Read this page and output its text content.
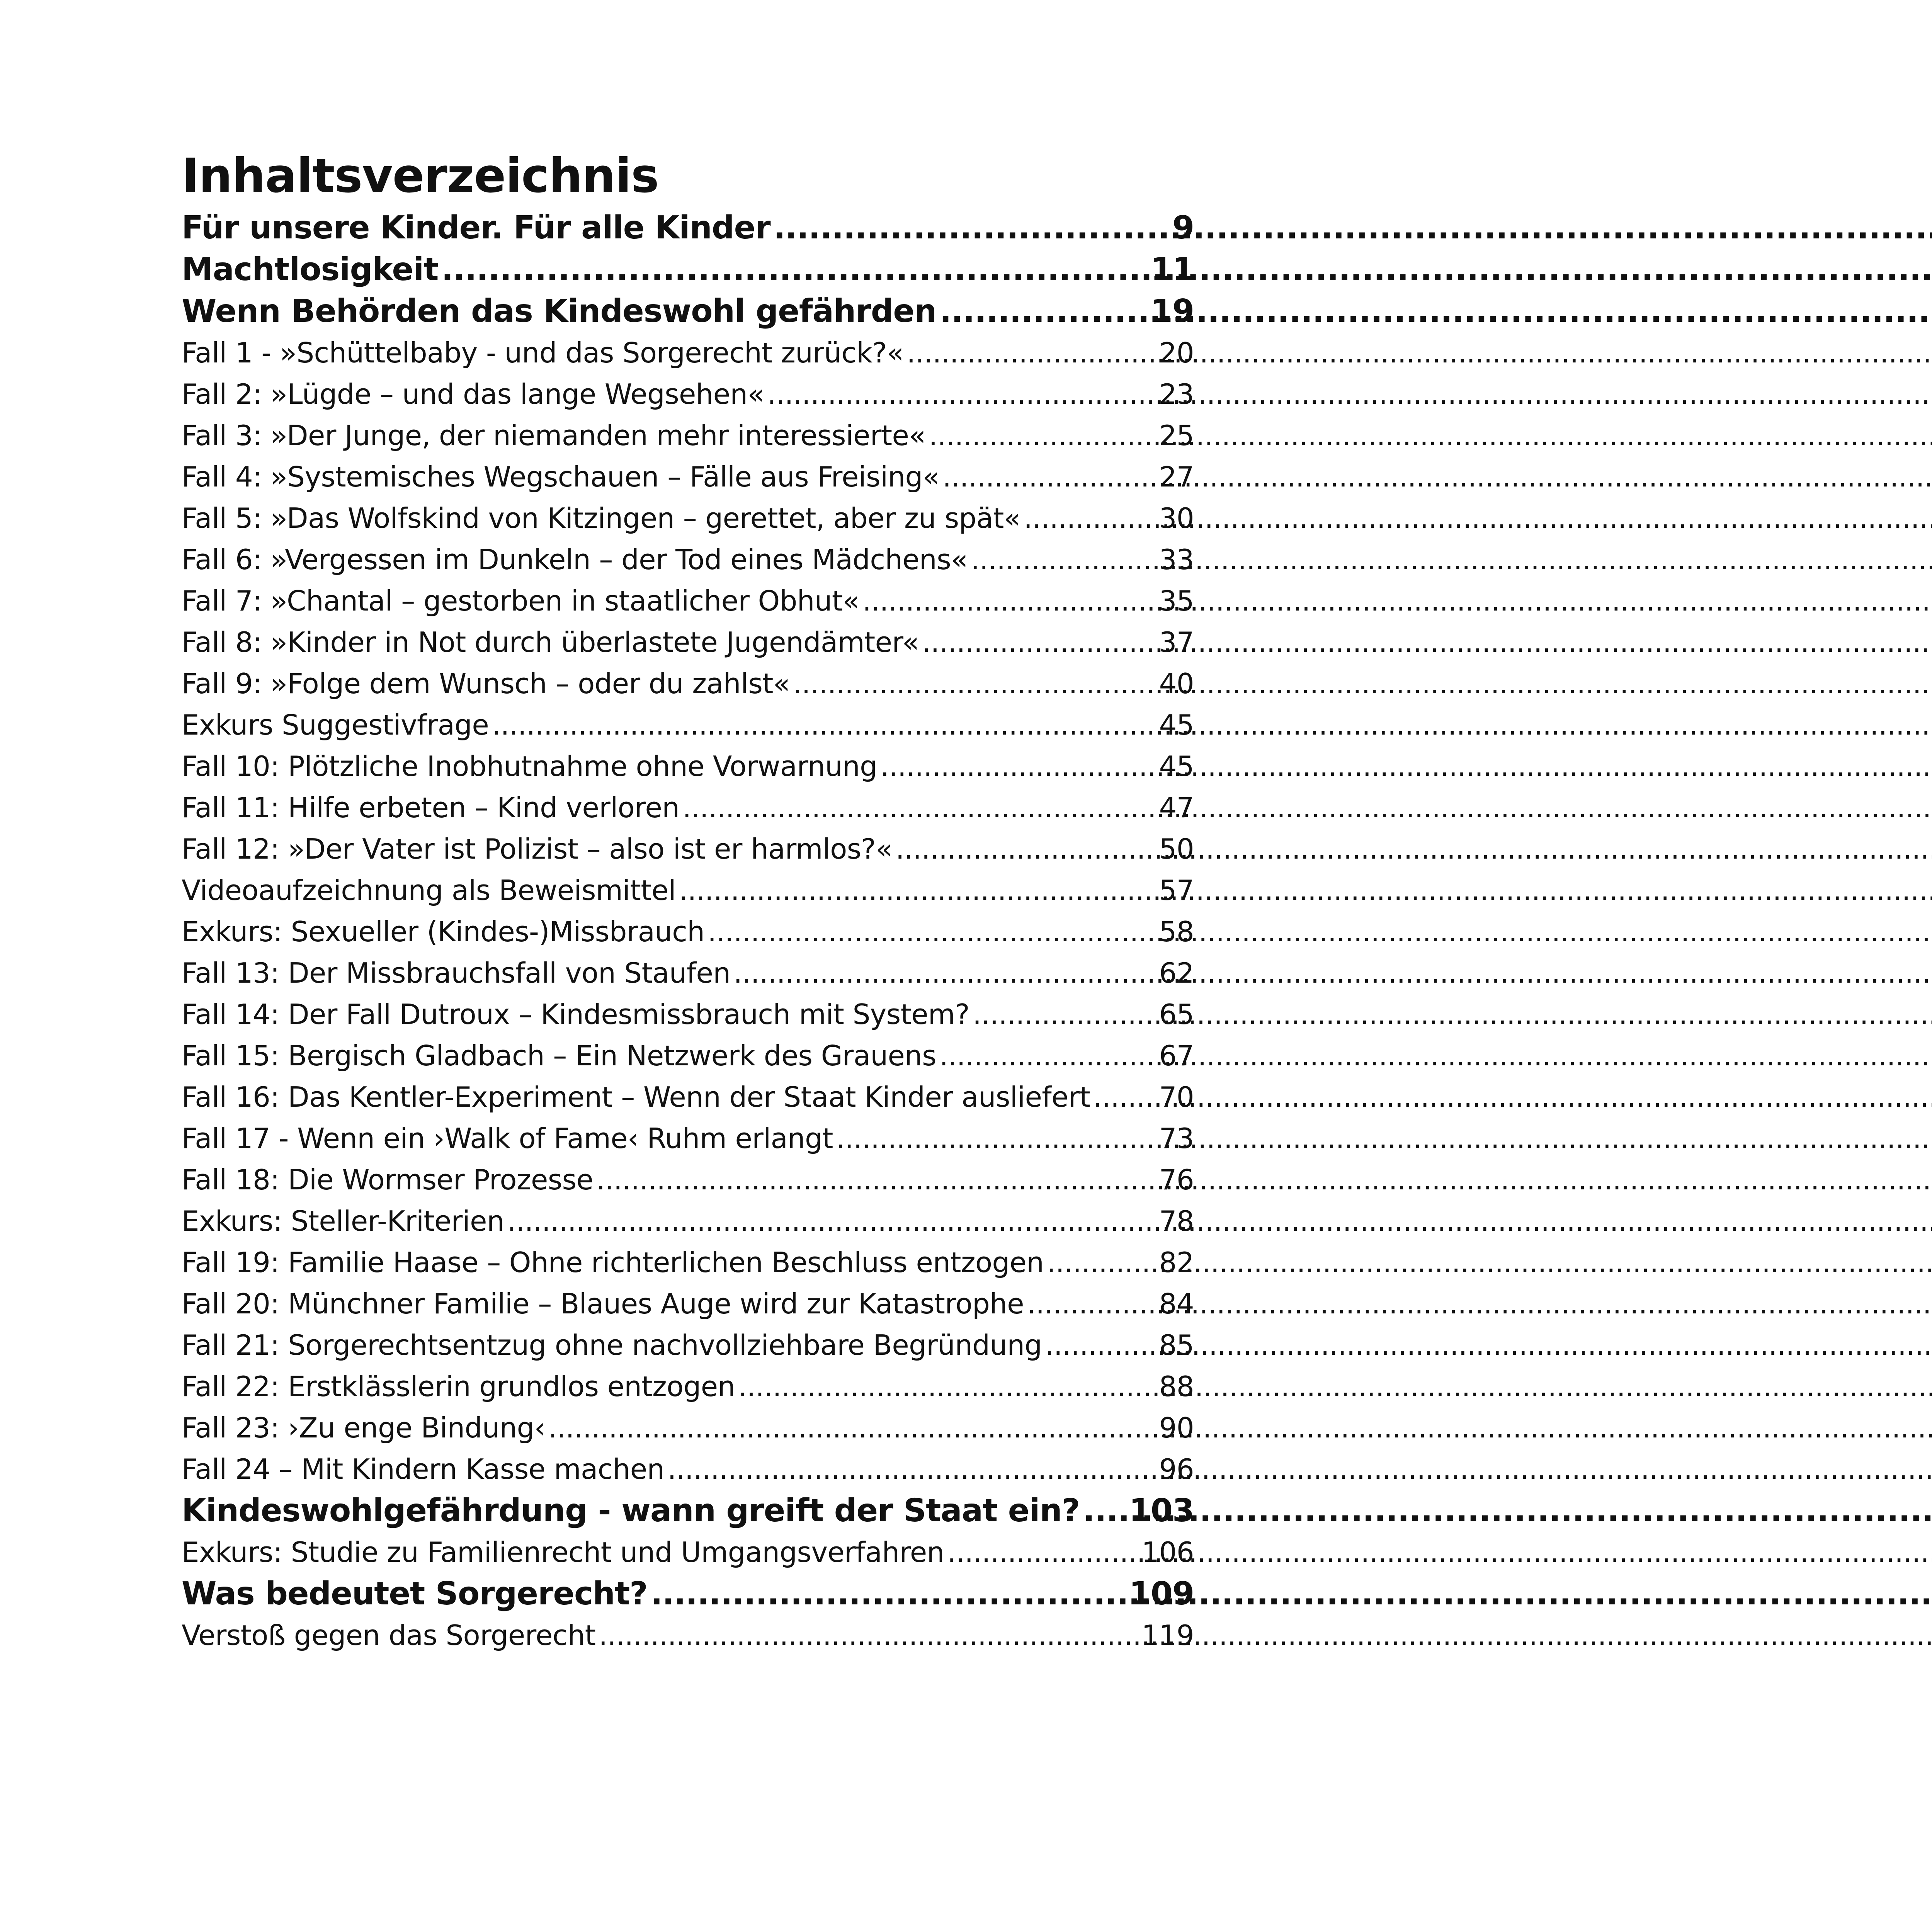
Inhaltsverzeichnis
Für unsere Kinder. Für alle Kinder .....	9
Machtlosigkeit .....	11
Wenn Behörden das Kindeswohl gefährden .....	19
Fall 1 - »Schüttelbaby - und das Sorgerecht zurück?« .....	20
Fall 2: »Lügde – und das lange Wegsehen« .....	23
Fall 3: »Der Junge, der niemanden mehr interessierte« .....	25
Fall 4: »Systemisches Wegschauen – Fälle aus Freising« .....	27
Fall 5: »Das Wolfskind von Kitzingen – gerettet, aber zu spät« .....	30
Fall 6: »Vergessen im Dunkeln – der Tod eines Mädchens« .....	33
Fall 7: »Chantal – gestorben in staatlicher Obhut« .....	35
Fall 8: »Kinder in Not durch überlastete Jugendämter« .....	37
Fall 9: »Folge dem Wunsch – oder du zahlst« .....	40
Exkurs Suggestivfrage .....	45
Fall 10: Plötzliche Inobhutnahme ohne Vorwarnung .....	45
Fall 11: Hilfe erbeten – Kind verloren .....	47
Fall 12: »Der Vater ist Polizist – also ist er harmlos?« .....	50
Videoaufzeichnung als Beweismittel .....	57
Exkurs: Sexueller (Kindes-)Missbrauch .....	58
Fall 13: Der Missbrauchsfall von Staufen .....	62
Fall 14: Der Fall Dutroux – Kindesmissbrauch mit System? .....	65
Fall 15: Bergisch Gladbach – Ein Netzwerk des Grauens .....	67
Fall 16: Das Kentler-Experiment – Wenn der Staat Kinder ausliefert ..... 70
Fall 17 - Wenn ein ›Walk of Fame‹ Ruhm erlangt .....	73
Fall 18: Die Wormser Prozesse .....	76
Exkurs: Steller-Kriterien .....	78
Fall 19: Familie Haase – Ohne richterlichen Beschluss entzogen .....	82
Fall 20: Münchner Familie – Blaues Auge wird zur Katastrophe .....	84
Fall 21: Sorgerechtsentzug ohne nachvollziehbare Begründung .....	85
Fall 22: Erstklässlerin grundlos entzogen .....	88
Fall 23: ›Zu enge Bindung‹ .....	90
Fall 24 – Mit Kindern Kasse machen .....	96
Kindeswohlgefährdung - wann greift der Staat ein? ..... 103
Exkurs: Studie zu Familienrecht und Umgangsverfahren .....	106
Was bedeutet Sorgerecht? .....	109
Verstoß gegen das Sorgerecht .....	119
